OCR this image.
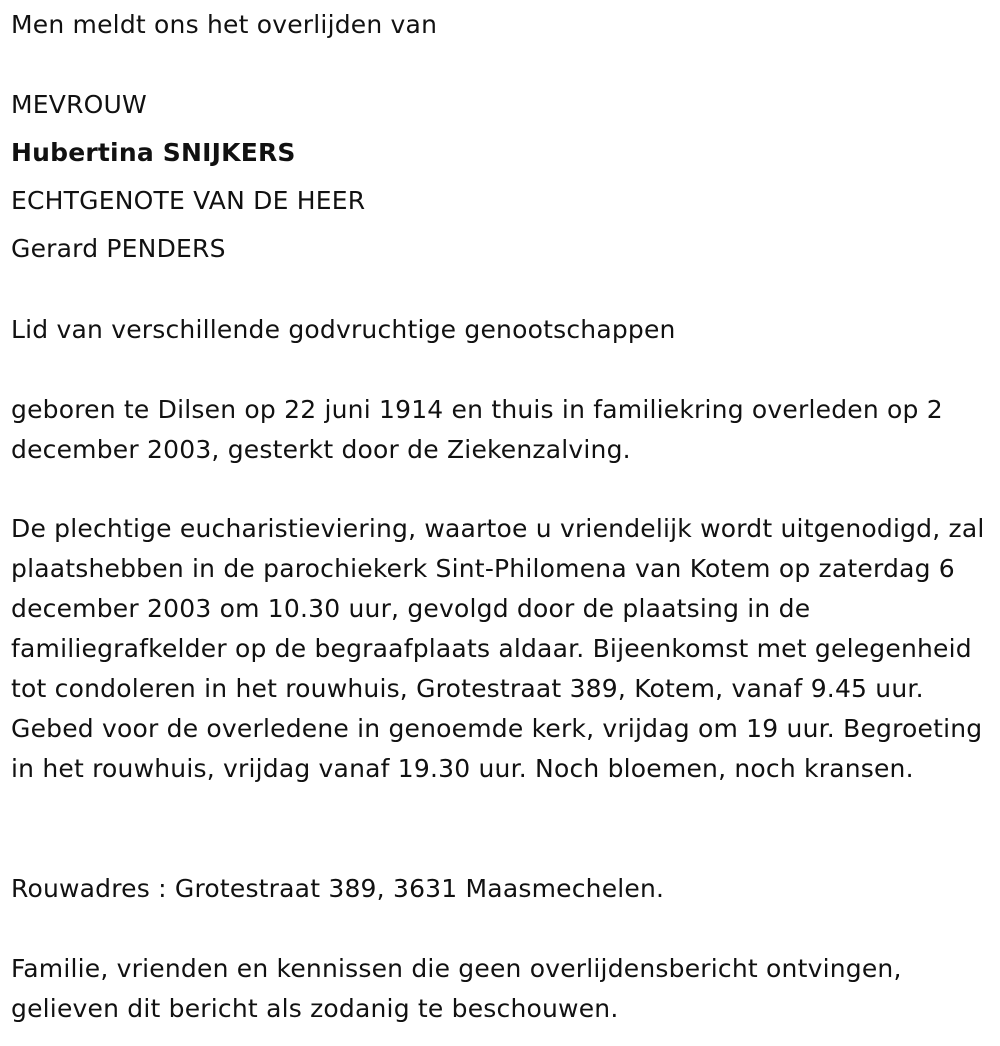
Men meldt ons het overlijden van
MEVROUW
Hubertina SNIJKERS
ECHTGENOTE VAN DE HEER
Gerard PENDERS
Lid van verschillende godvruchtige genootschappen
geboren te Dilsen op 22 juni 1914 en thuis in familiekring overleden op 2 december 2003, gesterkt door de Ziekenzalving.
De plechtige eucharistieviering, waartoe u vriendelijk wordt uitgenodigd, zal plaatshebben in de parochiekerk Sint-Philomena van Kotem op zaterdag 6 december 2003 om 10.30 uur, gevolgd door de plaatsing in de familiegrafkelder op de begraafplaats aldaar. Bijeenkomst met gelegenheid tot condoleren in het rouwhuis, Grotestraat 389, Kotem, vanaf 9.45 uur. Gebed voor de overledene in genoemde kerk, vrijdag om 19 uur. Begroeting in het rouwhuis, vrijdag vanaf 19.30 uur. Noch bloemen, noch kransen.
Rouwadres : Grotestraat 389, 3631 Maasmechelen.
Familie, vrienden en kennissen die geen overlijdensbericht ontvingen, gelieven dit bericht als zodanig te beschouwen.
